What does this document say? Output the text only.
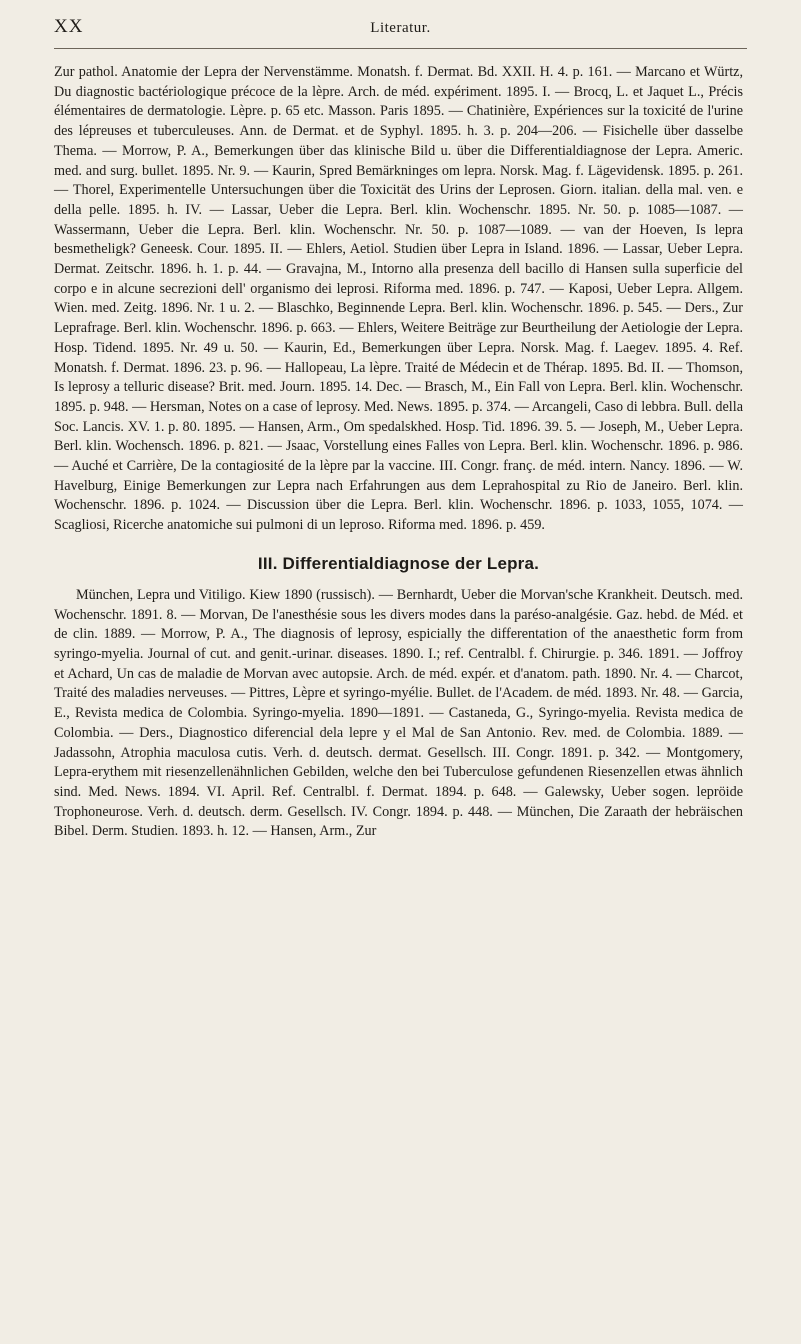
XX	Literatur.

Zur pathol. Anatomie der Lepra der Nervenstämme. Monatsh. f. Dermat. Bd. XXII. H. 4. p. 161. — Marcano et Würtz, Du diagnostic bactériologique précoce de la lèpre. Arch. de méd. expériment. 1895. I. — Brocq, L. et Jaquet L., Précis élémentaires de dermatologie. Lèpre. p. 65 etc. Masson. Paris 1895. — Chatinière, Expériences sur la toxicité de l'urine des lépreuses et tuberculeuses. Ann. de Dermat. et de Syphyl. 1895. h. 3. p. 204—206. — Fisichelle über dasselbe Thema. — Morrow, P. A., Bemerkungen über das klinische Bild u. über die Differentialdiagnose der Lepra. Americ. med. and surg. bullet. 1895. Nr. 9. — Kaurin, Spred Bemärkninges om lepra. Norsk. Mag. f. Lägevidensk. 1895. p. 261. — Thorel, Experimentelle Untersuchungen über die Toxicität des Urins der Leprosen. Giorn. italian. della mal. ven. e della pelle. 1895. h. IV. — Lassar, Ueber die Lepra. Berl. klin. Wochenschr. 1895. Nr. 50. p. 1085—1087. — Wassermann, Ueber die Lepra. Berl. klin. Wochenschr. Nr. 50. p. 1087—1089. — van der Hoeven, Is lepra besmetheligk? Geneesk. Cour. 1895. II. — Ehlers, Aetiol. Studien über Lepra in Island. 1896. — Lassar, Ueber Lepra. Dermat. Zeitschr. 1896. h. 1. p. 44. — Gravajna, M., Intorno alla presenza dell bacillo di Hansen sulla superficie del corpo e in alcune secrezioni dell' organismo dei leprosi. Riforma med. 1896. p. 747. — Kaposi, Ueber Lepra. Allgem. Wien. med. Zeitg. 1896. Nr. 1 u. 2. — Blaschko, Beginnende Lepra. Berl. klin. Wochenschr. 1896. p. 545. — Ders., Zur Leprafrage. Berl. klin. Wochenschr. 1896. p. 663. — Ehlers, Weitere Beiträge zur Beurtheilung der Aetiologie der Lepra. Hosp. Tidend. 1895. Nr. 49 u. 50. — Kaurin, Ed., Bemerkungen über Lepra. Norsk. Mag. f. Laegev. 1895. 4. Ref. Monatsh. f. Dermat. 1896. 23. p. 96. — Hallopeau, La lèpre. Traité de Médecin et de Thérap. 1895. Bd. II. — Thomson, Is leprosy a telluric disease? Brit. med. Journ. 1895. 14. Dec. — Brasch, M., Ein Fall von Lepra. Berl. klin. Wochenschr. 1895. p. 948. — Hersman, Notes on a case of leprosy. Med. News. 1895. p. 374. — Arcangeli, Caso di lebbra. Bull. della Soc. Lancis. XV. 1. p. 80. 1895. — Hansen, Arm., Om spedalskhed. Hosp. Tid. 1896. 39. 5. — Joseph, M., Ueber Lepra. Berl. klin. Wochensch. 1896. p. 821. — Jsaac, Vorstellung eines Falles von Lepra. Berl. klin. Wochenschr. 1896. p. 986. — Auché et Carrière, De la contagiosité de la lèpre par la vaccine. III. Congr. franç. de méd. intern. Nancy. 1896. — W. Havelburg, Einige Bemerkungen zur Lepra nach Erfahrungen aus dem Leprahospital zu Rio de Janeiro. Berl. klin. Wochenschr. 1896. p. 1024. — Discussion über die Lepra. Berl. klin. Wochenschr. 1896. p. 1033, 1055, 1074. — Scagliosi, Ricerche anatomiche sui pulmoni di un leproso. Riforma med. 1896. p. 459.

III. Differentialdiagnose der Lepra.

München, Lepra und Vitiligo. Kiew 1890 (russisch). — Bernhardt, Ueber die Morvan'sche Krankheit. Deutsch. med. Wochenschr. 1891. 8. — Morvan, De l'anesthésie sous les divers modes dans la paréso-analgésie. Gaz. hebd. de Méd. et de clin. 1889. — Morrow, P. A., The diagnosis of leprosy, espicially the differentation of the anaesthetic form from syringo-myelia. Journal of cut. and genit.-urinar. diseases. 1890. I.; ref. Centralbl. f. Chirurgie. p. 346. 1891. — Joffroy et Achard, Un cas de maladie de Morvan avec autopsie. Arch. de méd. expér. et d'anatom. path. 1890. Nr. 4. — Charcot, Traité des maladies nerveuses. — Pittres, Lèpre et syringo-myélie. Bullet. de l'Academ. de méd. 1893. Nr. 48. — Garcia, E., Revista medica de Colombia. Syringo-myelia. 1890—1891. — Castaneda, G., Syringo-myelia. Revista medica de Colombia. — Ders., Diagnostico diferencial dela lepre y el Mal de San Antonio. Rev. med. de Colombia. 1889. — Jadassohn, Atrophia maculosa cutis. Verh. d. deutsch. dermat. Gesellsch. III. Congr. 1891. p. 342. — Montgomery, Lepra-erythem mit riesenzellenähnlichen Gebilden, welche den bei Tuberculose gefundenen Riesenzellen etwas ähnlich sind. Med. News. 1894. VI. April. Ref. Centralbl. f. Dermat. 1894. p. 648. — Galewsky, Ueber sogen. lepröide Trophoneurose. Verh. d. deutsch. derm. Gesellsch. IV. Congr. 1894. p. 448. — München, Die Zaraath der hebräischen Bibel. Derm. Studien. 1893. h. 12. — Hansen, Arm., Zur
